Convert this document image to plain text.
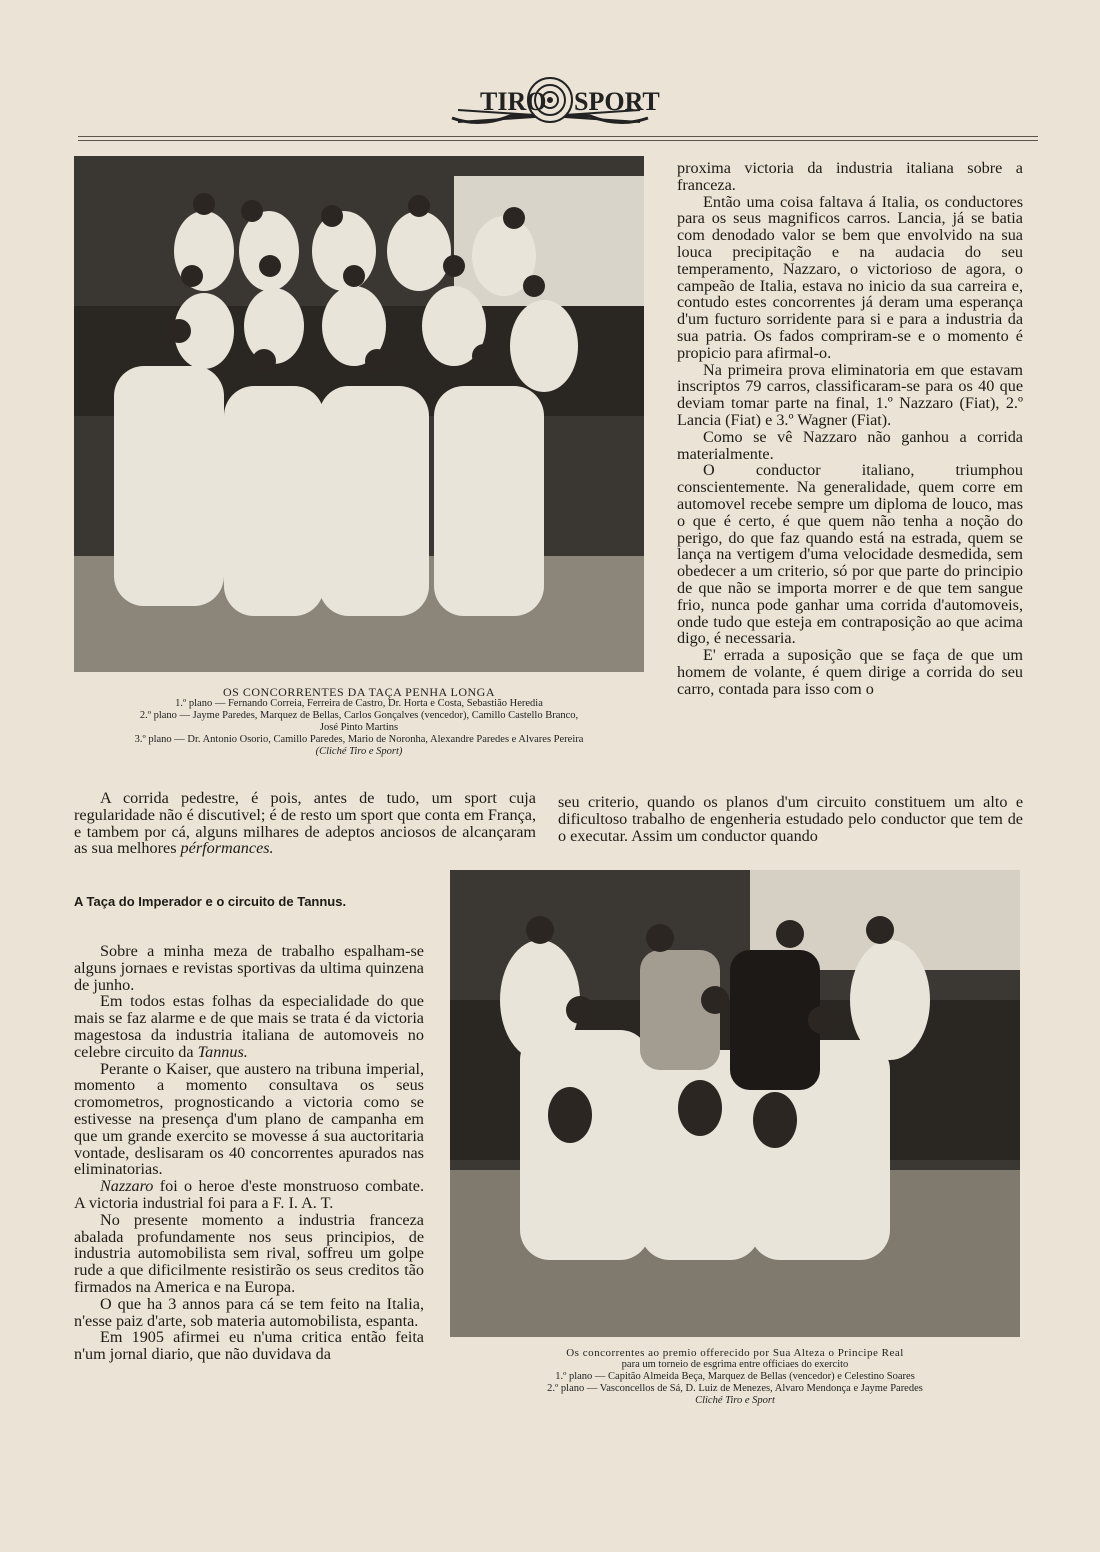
TIRO SPORT
OS CONCORRENTES DA TAÇA PENHA LONGA
1.º plano — Fernando Correia, Ferreira de Castro, Dr. Horta e Costa, Sebastião Heredia
2.º plano — Jayme Paredes, Marquez de Bellas, Carlos Gonçalves (vencedor), Camillo Castello Branco,
José Pinto Martins
3.º plano — Dr. Antonio Osorio, Camillo Paredes, Mario de Noronha, Alexandre Paredes e Alvares Pereira
(Cliché Tiro e Sport)

proxima victoria da industria italiana sobre a franceza.

Então uma coisa faltava á Italia, os conductores para os seus magnificos carros. Lancia, já se batia com denodado valor se bem que envolvido na sua louca precipitação e na audacia do seu temperamento, Nazzaro, o victorioso de agora, o campeão de Italia, estava no inicio da sua carreira e, contudo estes concorrentes já deram uma esperança d'um fucturo sorridente para si e para a industria da sua patria. Os fados compriram-se e o momento é propicio para afirmal-o.

Na primeira prova eliminatoria em que estavam inscriptos 79 carros, classificaram-se para os 40 que deviam tomar parte na final, 1.º Nazzaro (Fiat), 2.º Lancia (Fiat) e 3.º Wagner (Fiat).

Como se vê Nazzaro não ganhou a corrida materialmente.

O conductor italiano, triumphou conscientemente. Na generalidade, quem corre em automovel recebe sempre um diploma de louco, mas o que é certo, é que quem não tenha a noção do perigo, do que faz quando está na estrada, quem se lança na vertigem d'uma velocidade desmedida, sem obedecer a um criterio, só por que parte do principio de que não se importa morrer e de que tem sangue frio, nunca pode ganhar uma corrida d'automoveis, onde tudo que esteja em contraposição ao que acima digo, é necessaria.

E' errada a suposição que se faça de que um homem de volante, é quem dirige a corrida do seu carro, contada para isso com o

seu criterio, quando os planos d'um circuito constituem um alto e dificultoso trabalho de engenheria estudado pelo conductor que tem de o executar. Assim um conductor quando

A corrida pedestre, é pois, antes de tudo, um sport cuja regularidade não é discutivel; é de resto um sport que conta em França, e tambem por cá, alguns milhares de adeptos anciosos de alcançaram as sua melhores pérformances.

A Taça do Imperador e o circuito de Tannus.

Sobre a minha meza de trabalho espalham-se alguns jornaes e revistas sportivas da ultima quinzena de junho.

Em todos estas folhas da especialidade do que mais se faz alarme e de que mais se trata é da victoria magestosa da industria italiana de automoveis no celebre circuito da Tannus.

Perante o Kaiser, que austero na tribuna imperial, momento a momento consultava os seus cromometros, prognosticando a victoria como se estivesse na presença d'um plano de campanha em que um grande exercito se movesse á sua auctoritaria vontade, deslisaram os 40 concorrentes apurados nas eliminatorias.

Nazzaro foi o heroe d'este monstruoso combate. A victoria industrial foi para a F. I. A. T.

No presente momento a industria franceza abalada profundamente nos seus principios, de industria automobilista sem rival, soffreu um golpe rude a que dificilmente resistirão os seus creditos tão firmados na America e na Europa.

O que ha 3 annos para cá se tem feito na Italia, n'esse paiz d'arte, sob materia automobilista, espanta.

Em 1905 afirmei eu n'uma critica então feita n'um jornal diario, que não duvidava da	Os concorrentes ao premio offerecido por Sua Alteza o Principe Real
para um torneio de esgrima entre officiaes do exercito
1.º plano — Capitão Almeida Beça, Marquez de Bellas (vencedor) e Celestino Soares
2.º plano — Vasconcellos de Sá, D. Luiz de Menezes, Alvaro Mendonça e Jayme Paredes
Cliché Tiro e Sport
